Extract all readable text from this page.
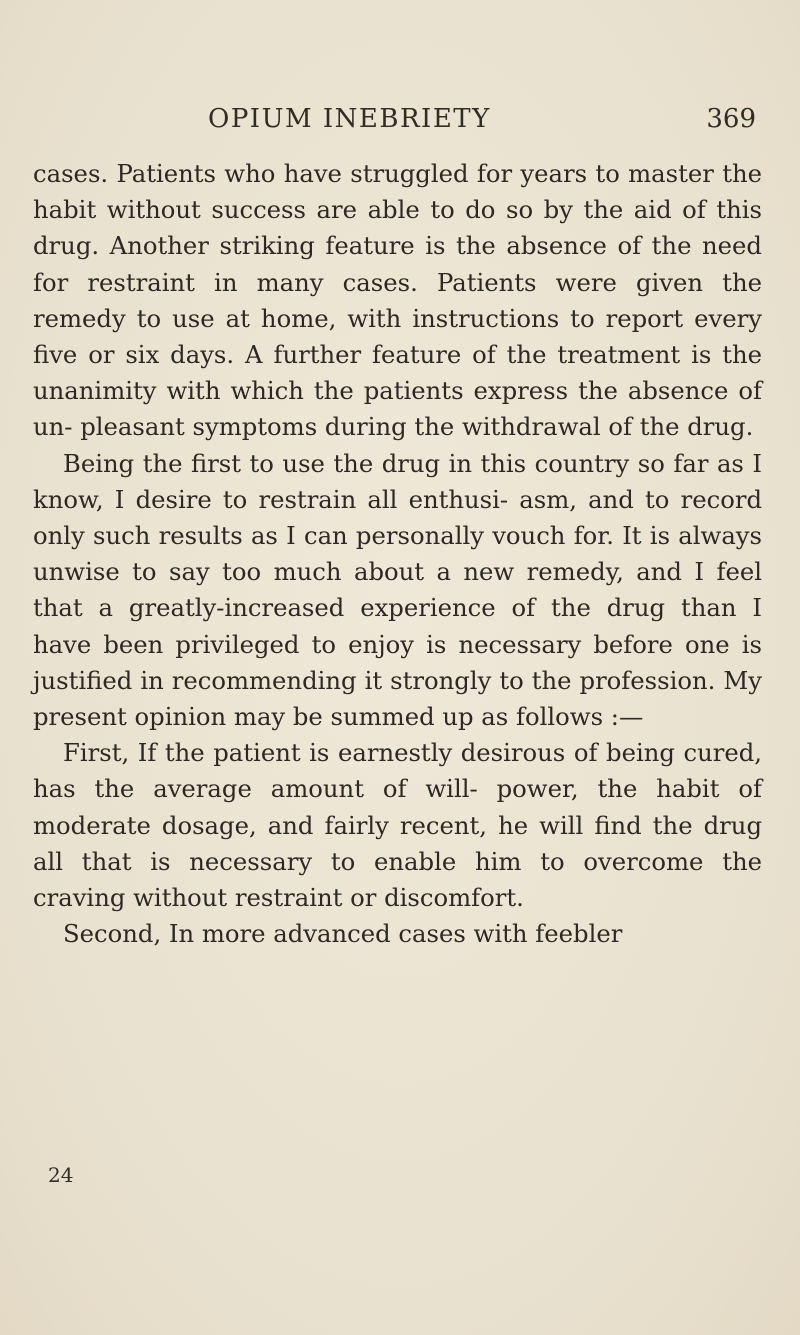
OPIUM INEBRIETY	369

cases. Patients who have struggled for years to master the habit without success are able to do so by the aid of this drug. Another striking feature is the absence of the need for restraint in many cases. Patients were given the remedy to use at home, with instructions to report every five or six days. A further feature of the treatment is the unanimity with which the patients express the absence of un- pleasant symptoms during the withdrawal of the drug.

Being the first to use the drug in this country so far as I know, I desire to restrain all enthusi- asm, and to record only such results as I can personally vouch for. It is always unwise to say too much about a new remedy, and I feel that a greatly-increased experience of the drug than I have been privileged to enjoy is necessary before one is justified in recommending it strongly to the profession. My present opinion may be summed up as follows :—

First, If the patient is earnestly desirous of being cured, has the average amount of will- power, the habit of moderate dosage, and fairly recent, he will find the drug all that is necessary to enable him to overcome the craving without restraint or discomfort.

Second, In more advanced cases with feebler

24
